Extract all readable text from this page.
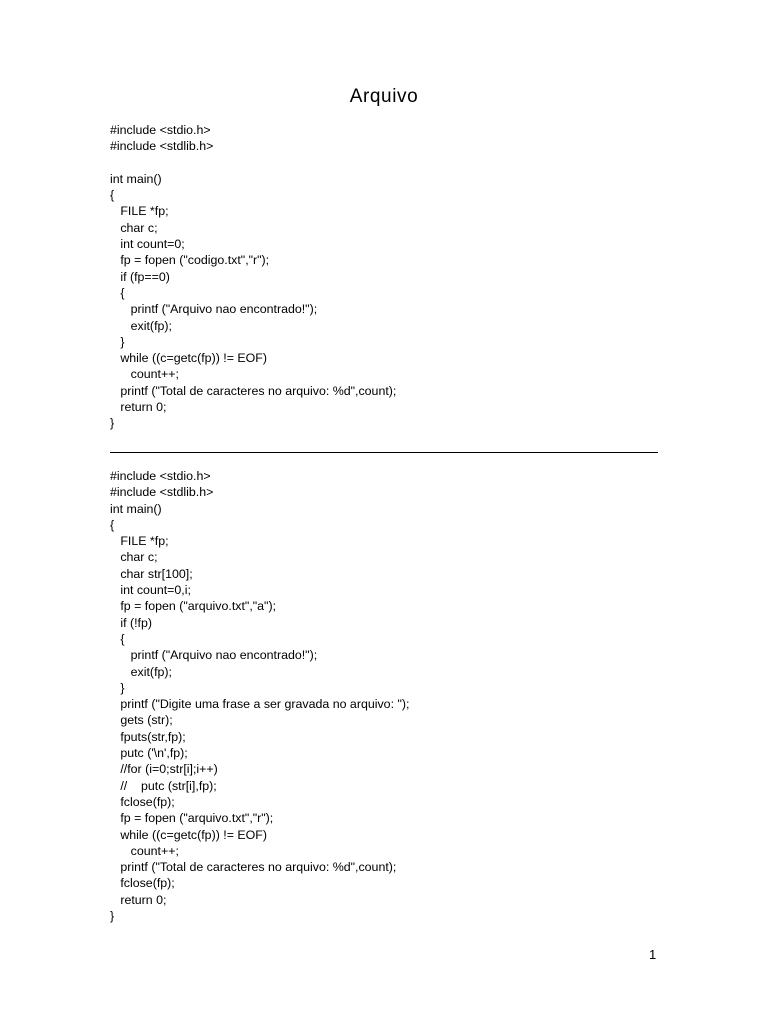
Arquivo
#include <stdio.h>
#include <stdlib.h>
int main()
{
FILE *fp;
char c;
int count=0;
fp = fopen ("codigo.txt","r");
if (fp==0)
{
printf ("Arquivo nao encontrado!");
exit(fp);
}
while ((c=getc(fp)) != EOF)
count++;
printf ("Total de caracteres no arquivo: %d",count);
return 0;
}
#include <stdio.h>
#include <stdlib.h>
int main()
{
FILE *fp;
char c;
char str[100];
int count=0,i;
fp = fopen ("arquivo.txt","a");
if (!fp)
{
printf ("Arquivo nao encontrado!");
exit(fp);
}
printf ("Digite uma frase a ser gravada no arquivo: ");
gets (str);
fputs(str,fp);
putc ('\n',fp);
//for (i=0;str[i];i++)
//    putc (str[i],fp);
fclose(fp);
fp = fopen ("arquivo.txt","r");
while ((c=getc(fp)) != EOF)
count++;
printf ("Total de caracteres no arquivo: %d",count);
fclose(fp);
return 0;
}
1
